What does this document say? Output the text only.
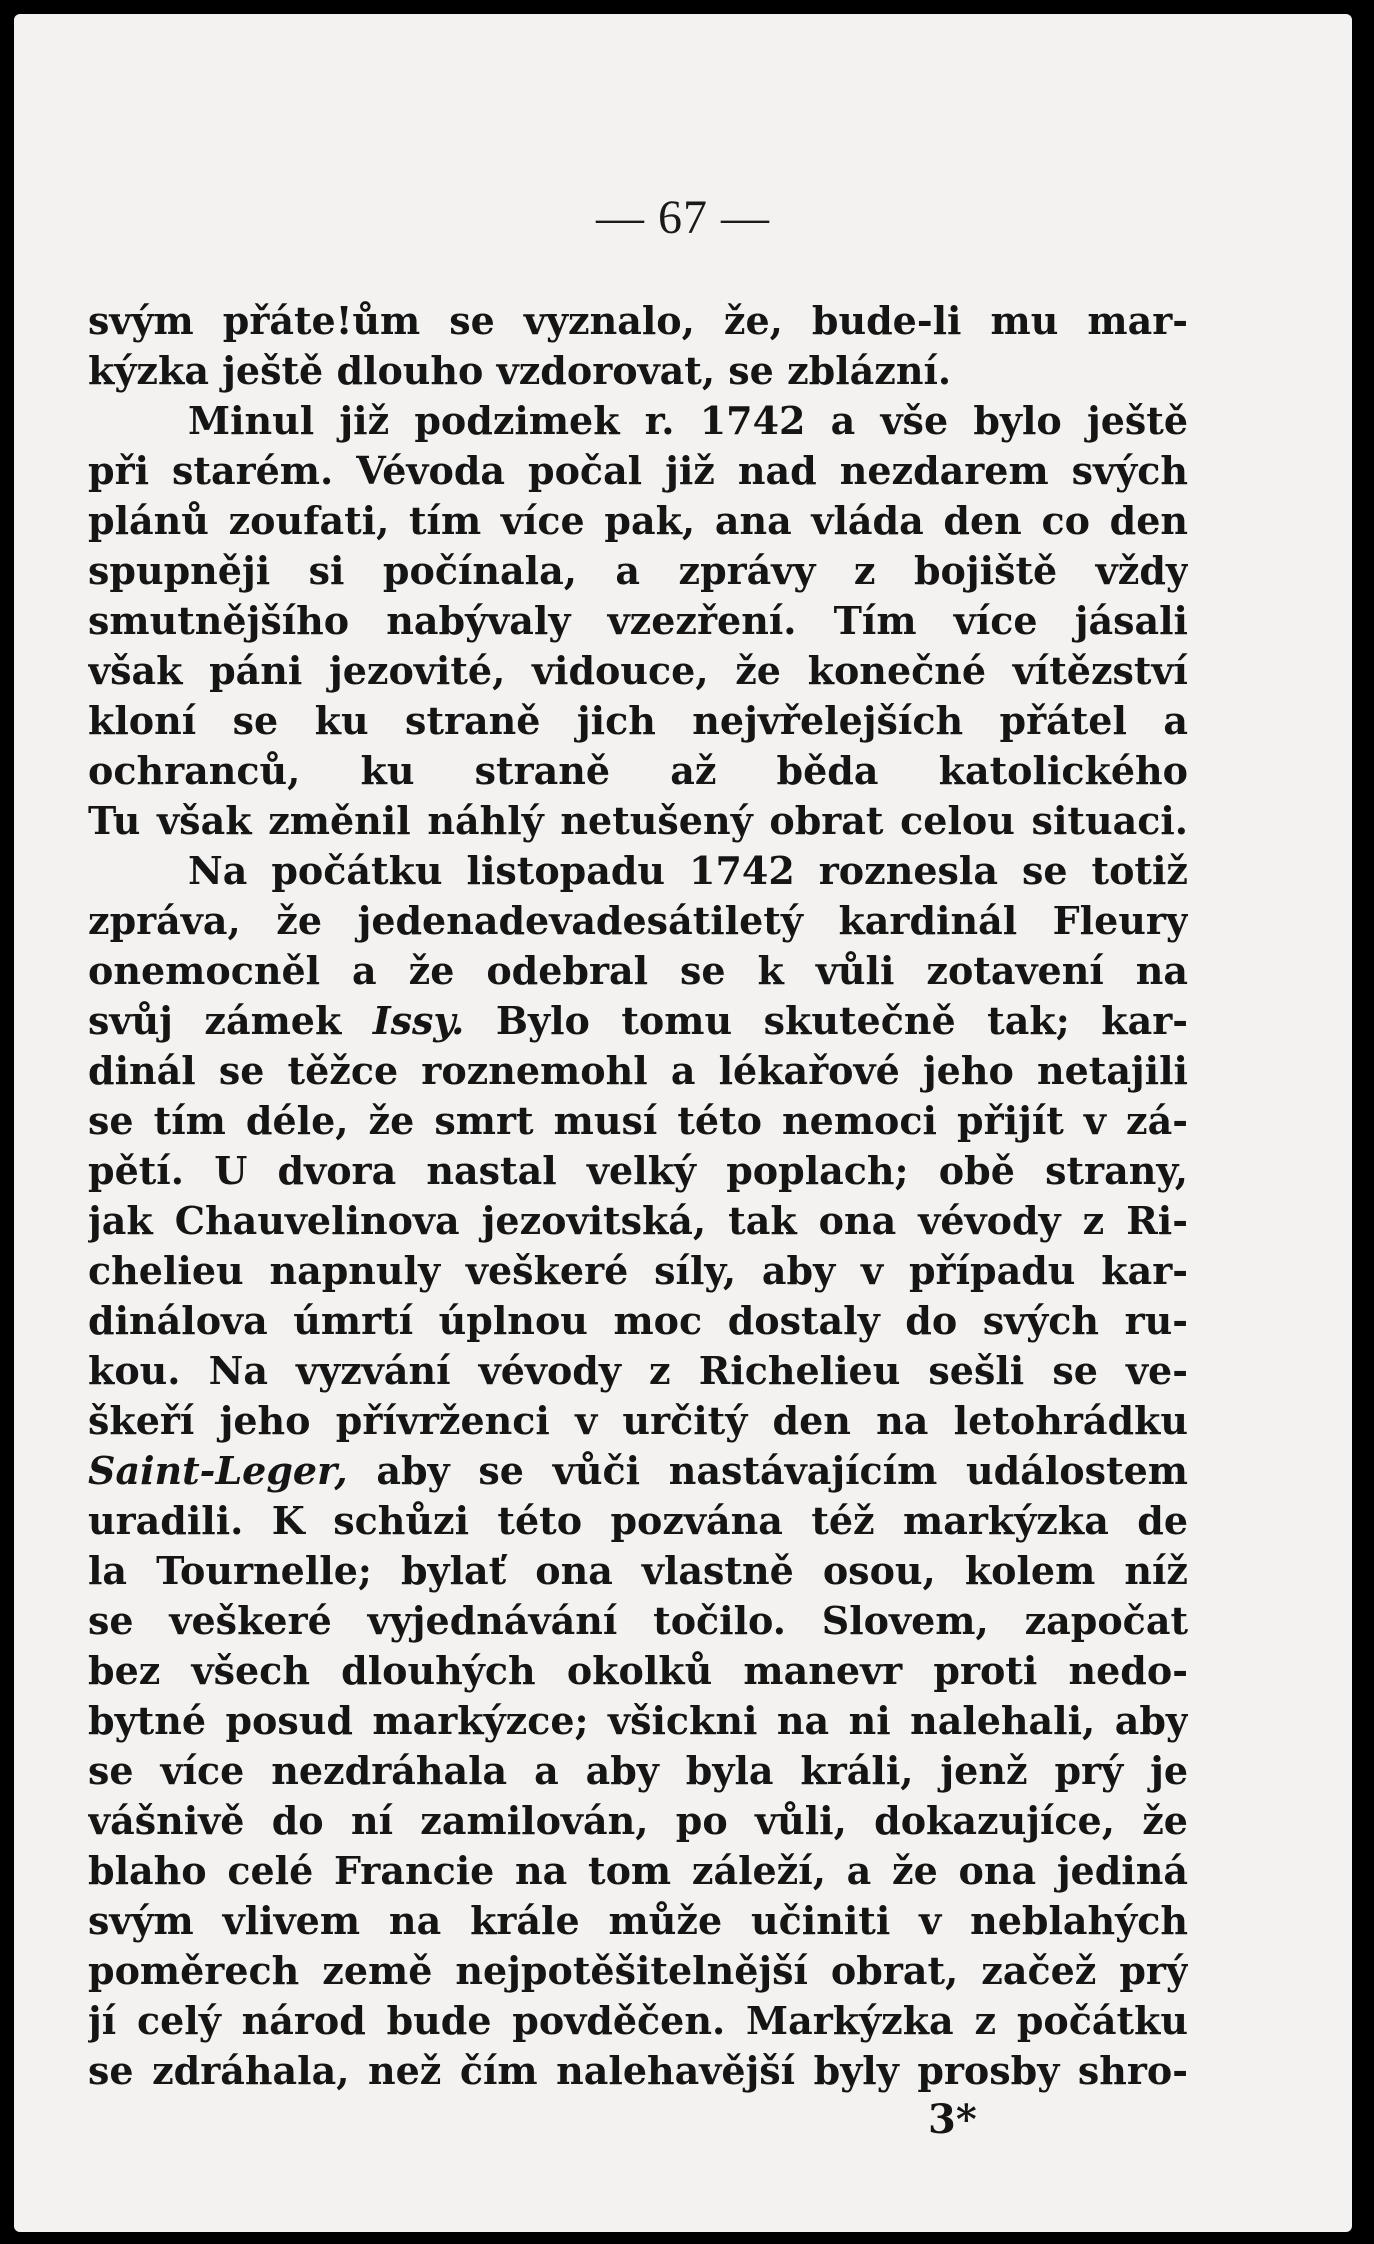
— 67 —
svým přáte!ům se vyznalo, že, bude-li mu mar-
kýzka ještě dlouho vzdorovat, se zblázní.
Minul již podzimek r. 1742 a vše bylo ještě
při starém. Vévoda počal již nad nezdarem svých
plánů zoufati, tím více pak, ana vláda den co den
spupněji si počínala, a zprávy z bojiště vždy
smutnějšího nabývaly vzezření. Tím více jásali
však páni jezovité, vidouce, že konečné vítězství
kloní se ku straně jich nejvřelejších přátel a
ochranců, ku straně až běda katolického
Tu však změnil náhlý netušený obrat celou situaci.
Na počátku listopadu 1742 roznesla se totiž
zpráva, že jedenadevadesátiletý kardinál Fleury
onemocněl a že odebral se k vůli zotavení na
svůj zámek Issy. Bylo tomu skutečně tak; kar-
dinál se těžce roznemohl a lékařové jeho netajili
se tím déle, že smrt musí této nemoci přijít v zá-
pětí. U dvora nastal velký poplach; obě strany,
jak Chauvelinova jezovitská, tak ona vévody z Ri-
chelieu napnuly veškeré síly, aby v případu kar-
dinálova úmrtí úplnou moc dostaly do svých ru-
kou. Na vyzvání vévody z Richelieu sešli se ve-
škeří jeho přívrženci v určitý den na letohrádku
Saint-Leger, aby se vůči nastávajícím událostem
uradili. K schůzi této pozvána též markýzka de
la Tournelle; bylať ona vlastně osou, kolem níž
se veškeré vyjednávání točilo. Slovem, započat
bez všech dlouhých okolků manevr proti nedo-
bytné posud markýzce; všickni na ni nalehali, aby
se více nezdráhala a aby byla králi, jenž prý je
vášnivě do ní zamilován, po vůli, dokazujíce, že
blaho celé Francie na tom záleží, a že ona jediná
svým vlivem na krále může učiniti v neblahých
poměrech země nejpotěšitelnější obrat, začež prý
jí celý národ bude povděčen. Markýzka z počátku
se zdráhala, než čím nalehavější byly prosby shro-
3*
